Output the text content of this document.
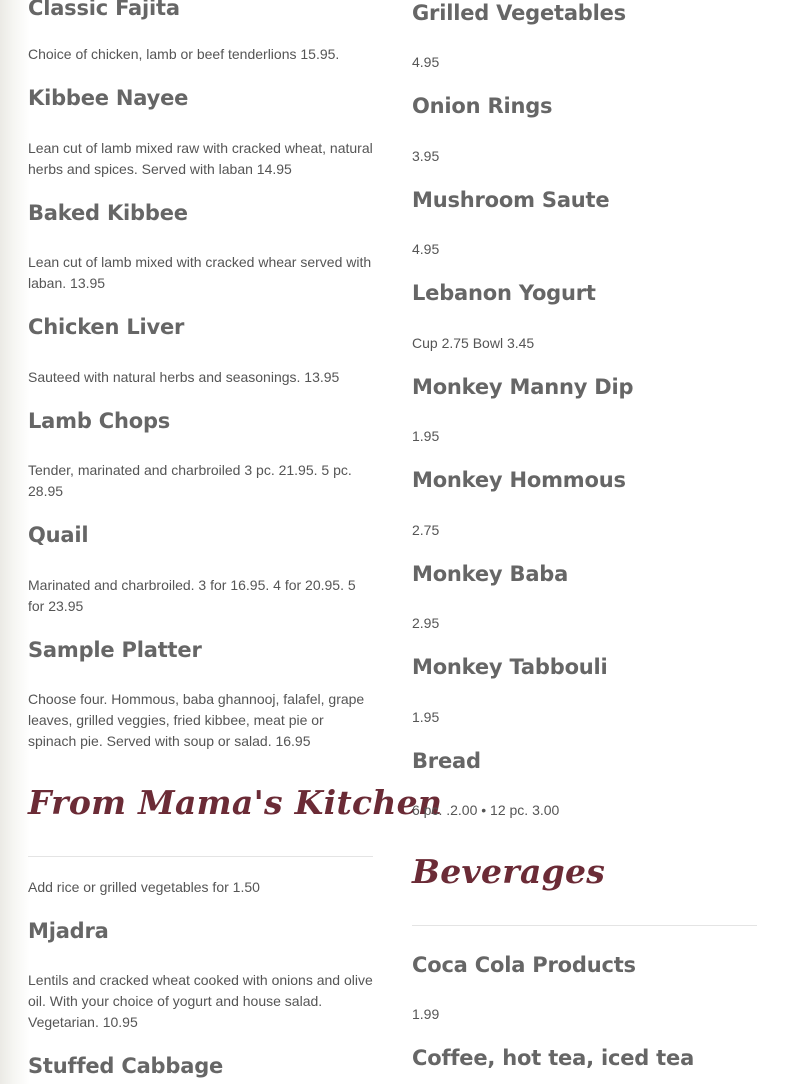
Classic Fajita

Choice of chicken, lamb or beef tenderlions 15.95.

Kibbee Nayee

Lean cut of lamb mixed raw with cracked wheat, natural herbs and spices. Served with laban 14.95

Baked Kibbee

Lean cut of lamb mixed with cracked whear served with laban. 13.95

Chicken Liver

Sauteed with natural herbs and seasonings. 13.95

Lamb Chops

Tender, marinated and charbroiled 3 pc. 21.95. 5 pc. 28.95

Quail

Marinated and charbroiled. 3 for 16.95. 4 for 20.95. 5 for 23.95

Sample Platter

Choose four. Hommous, baba ghannooj, falafel, grape leaves, grilled veggies, fried kibbee, meat pie or spinach pie. Served with soup or salad. 16.95

From Mama's Kitchen

Add rice or grilled vegetables for 1.50

Mjadra

Lentils and cracked wheat cooked with onions and olive oil. With your choice of yogurt and house salad. Vegetarian. 10.95

Stuffed Cabbage
Grilled Vegetables

4.95

Onion Rings

3.95

Mushroom Saute

4.95

Lebanon Yogurt

Cup 2.75 Bowl 3.45

Monkey Manny Dip

1.95

Monkey Hommous

2.75

Monkey Baba

2.95

Monkey Tabbouli

1.95

Bread

6 pc. .2.00 • 12 pc. 3.00

Beverages
Coca Cola Products

1.99

Coffee, hot tea, iced tea
